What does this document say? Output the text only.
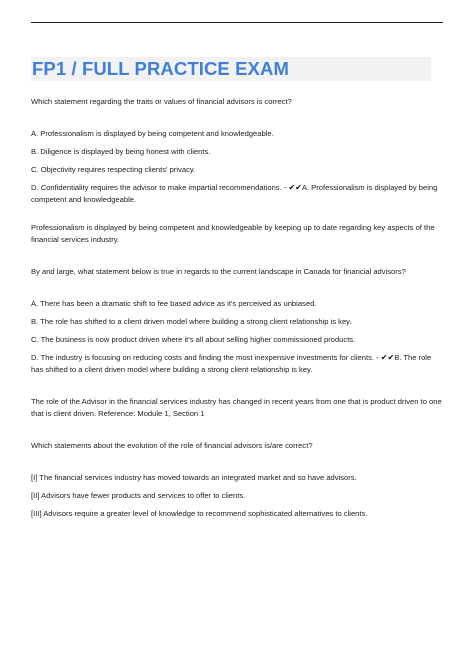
FP1 / FULL PRACTICE EXAM

Which statement regarding the traits or values of financial advisors is correct?

A. Professionalism is displayed by being competent and knowledgeable.

B. Diligence is displayed by being honest with clients.

C. Objectivity requires respecting clients' privacy.

D. Confidentiality requires the advisor to make impartial recommendations. - ✔✔A. Professionalism is displayed by being competent and knowledgeable.

Professionalism is displayed by being competent and knowledgeable by keeping up to date regarding key aspects of the financial services industry.

By and large, what statement below is true in regards to the current landscape in Canada for financial advisors?

A. There has been a dramatic shift to fee based advice as it's perceived as unbiased.

B. The role has shifted to a client driven model where building a strong client relationship is key.

C. The business is now product driven where it's all about selling higher commissioned products.

D. The industry is focusing on reducing costs and finding the most inexpensive investments for clients. - ✔✔B. The role has shifted to a client driven model where building a strong client relationship is key.

The role of the Advisor in the financial services industry has changed in recent years from one that is product driven to one that is client driven. Reference: Module 1, Section 1

Which statements about the evolution of the role of financial advisors is/are correct?

[I] The financial services industry has moved towards an integrated market and so have advisors.

[II] Advisors have fewer products and services to offer to clients.

[III] Advisors require a greater level of knowledge to recommend sophisticated alternatives to clients.
